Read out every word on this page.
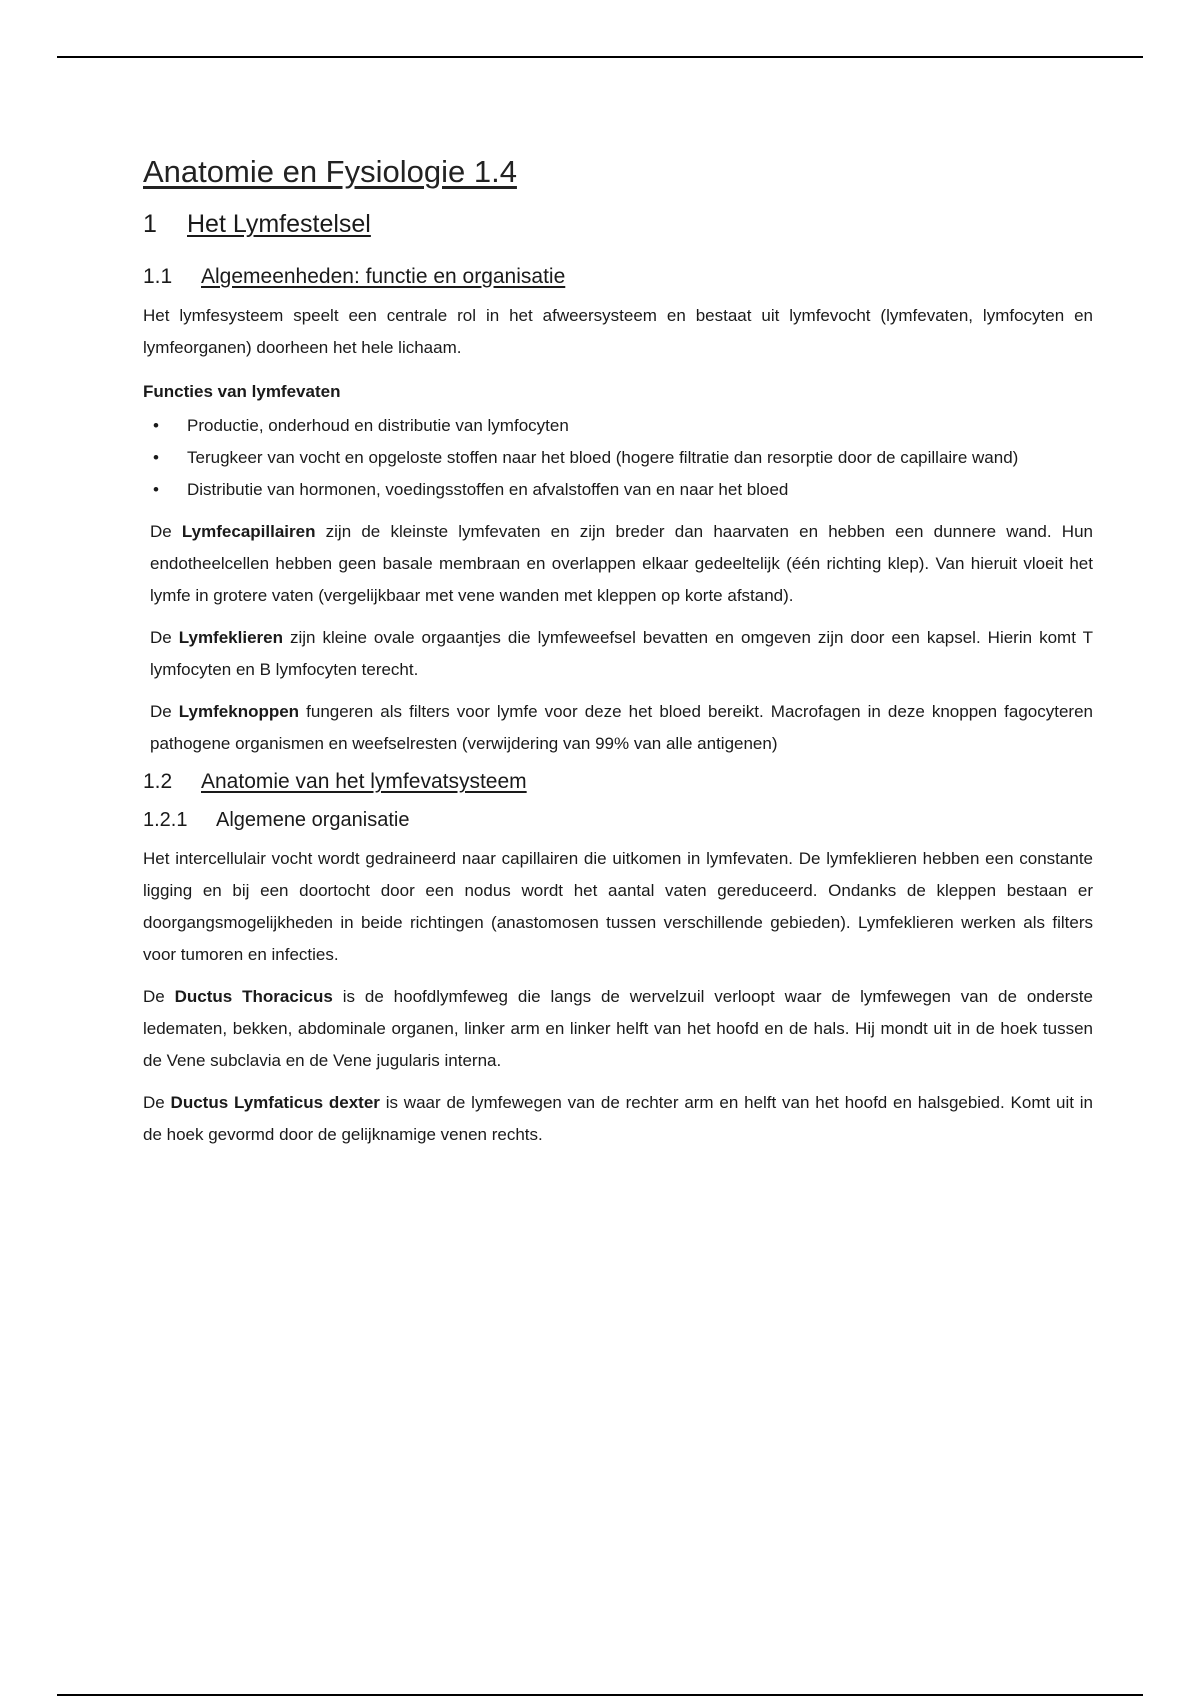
Anatomie en Fysiologie 1.4
1 Het Lymfestelsel
1.1 Algemeenheden: functie en organisatie

Het lymfesysteem speelt een centrale rol in het afweersysteem en bestaat uit lymfevocht (lymfevaten, lymfocyten en lymfeorganen) doorheen het hele lichaam.

Functies van lymfevaten
• Productie, onderhoud en distributie van lymfocyten
• Terugkeer van vocht en opgeloste stoffen naar het bloed (hogere filtratie dan resorptie door de capillaire wand)
• Distributie van hormonen, voedingsstoffen en afvalstoffen van en naar het bloed

De Lymfecapillairen zijn de kleinste lymfevaten en zijn breder dan haarvaten en hebben een dunnere wand. Hun endotheelcellen hebben geen basale membraan en overlappen elkaar gedeeltelijk (één richting klep). Van hieruit vloeit het lymfe in grotere vaten (vergelijkbaar met vene wanden met kleppen op korte afstand).

De Lymfeklieren zijn kleine ovale orgaantjes die lymfeweefsel bevatten en omgeven zijn door een kapsel. Hierin komt T lymfocyten en B lymfocyten terecht.

De Lymfeknoppen fungeren als filters voor lymfe voor deze het bloed bereikt. Macrofagen in deze knoppen fagocyteren pathogene organismen en weefselresten (verwijdering van 99% van alle antigenen)

1.2 Anatomie van het lymfevatsysteem
1.2.1 Algemene organisatie

Het intercellulair vocht wordt gedraineerd naar capillairen die uitkomen in lymfevaten. De lymfeklieren hebben een constante ligging en bij een doortocht door een nodus wordt het aantal vaten gereduceerd. Ondanks de kleppen bestaan er doorgangsmogelijkheden in beide richtingen (anastomosen tussen verschillende gebieden). Lymfeklieren werken als filters voor tumoren en infecties.

De Ductus Thoracicus is de hoofdlymfeweg die langs de wervelzuil verloopt waar de lymfewegen van de onderste ledematen, bekken, abdominale organen, linker arm en linker helft van het hoofd en de hals. Hij mondt uit in de hoek tussen de Vene subclavia en de Vene jugularis interna.

De Ductus Lymfaticus dexter is waar de lymfewegen van de rechter arm en helft van het hoofd en halsgebied. Komt uit in de hoek gevormd door de gelijknamige venen rechts.
